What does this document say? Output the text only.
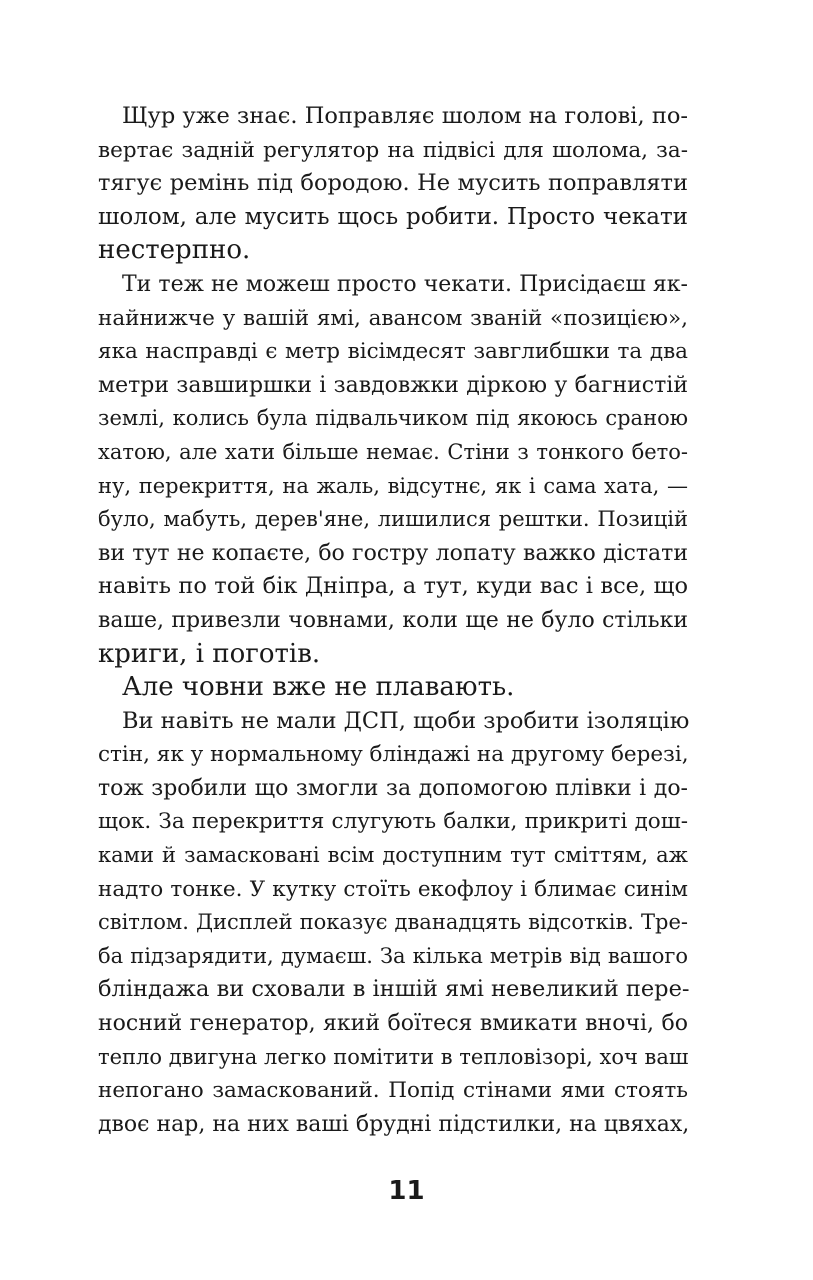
Щур уже знає. Поправляє шолом на голові, по-
вертає задній регулятор на підвісі для шолома, за-
тягує ремінь під бородою. Не мусить поправляти
шолом, але мусить щось робити. Просто чекати
нестерпно.
Ти теж не можеш просто чекати. Присідаєш як-
найнижче у вашій ямі, авансом званій «позицією»,
яка насправді є метр вісімдесят завглибшки та два
метри завширшки і завдовжки діркою у багнистій
землі, колись була підвальчиком під якоюсь сраною
хатою, але хати більше немає. Стіни з тонкого бето-
ну, перекриття, на жаль, відсутнє, як і сама хата, —
було, мабуть, дерев'яне, лишилися рештки. Позицій
ви тут не копаєте, бо гостру лопату важко дістати
навіть по той бік Дніпра, а тут, куди вас і все, що
ваше, привезли човнами, коли ще не було стільки
криги, і поготів.
Але човни вже не плавають.
Ви навіть не мали ДСП, щоби зробити ізоляцію
стін, як у нормальному бліндажі на другому березі,
тож зробили що змогли за допомогою плівки і до-
щок. За перекриття слугують балки, прикриті дош-
ками й замасковані всім доступним тут сміттям, аж
надто тонке. У кутку стоїть екофлоу і блимає синім
світлом. Дисплей показує дванадцять відсотків. Тре-
ба підзарядити, думаєш. За кілька метрів від вашого
бліндажа ви сховали в іншій ямі невеликий пере-
носний генератор, який боїтеся вмикати вночі, бо
тепло двигуна легко помітити в тепловізорі, хоч ваш
непогано замаскований. Попід стінами ями стоять
двоє нар, на них ваші брудні підстилки, на цвяхах,
11
